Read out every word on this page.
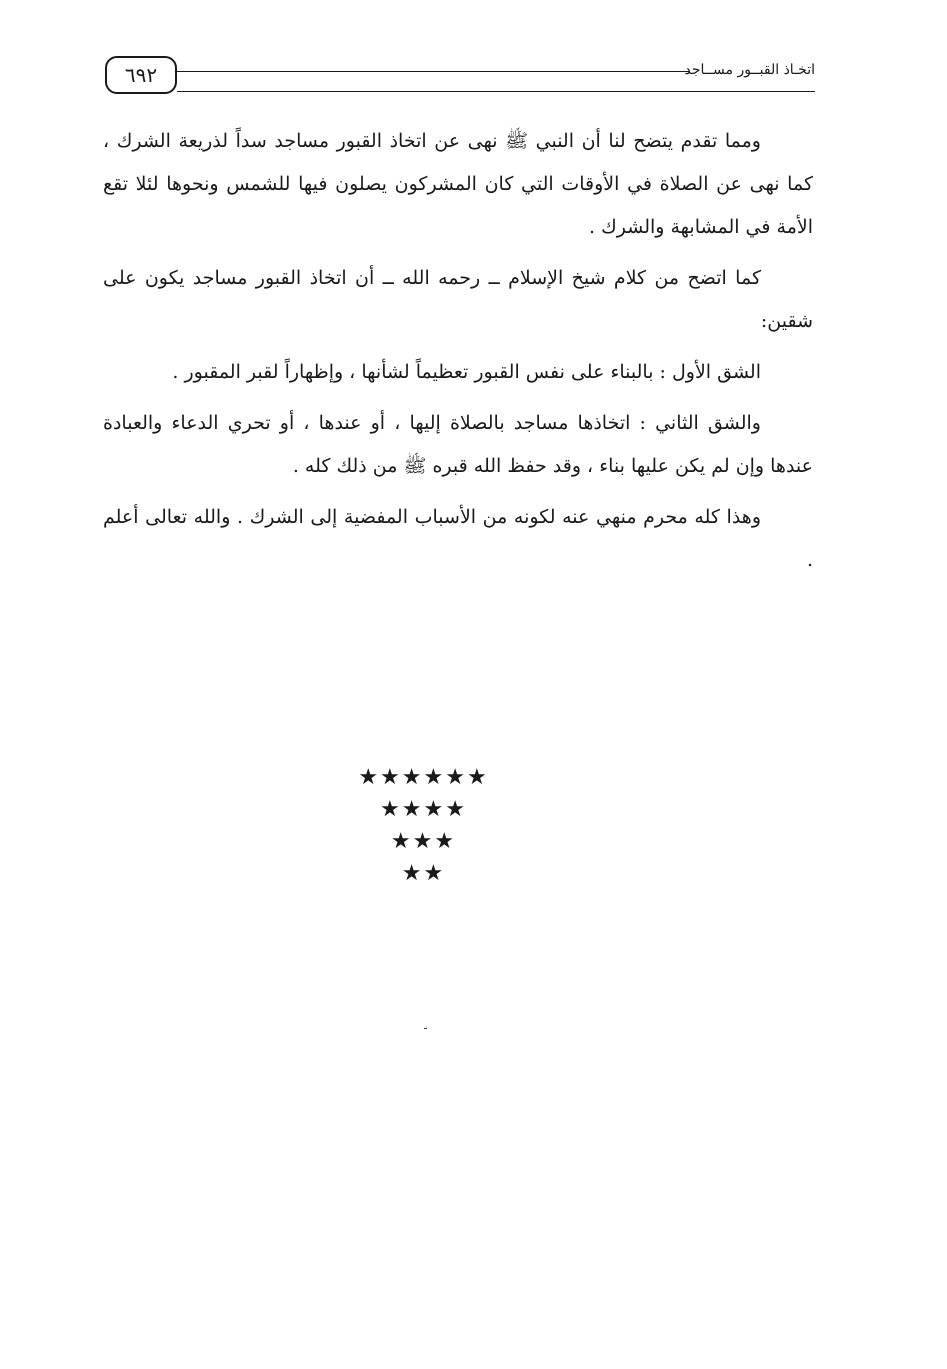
٦٩٢	اتخـاذ القبــور مســاجد

ومما تقدم يتضح لنا أن النبي ﷺ نهى عن اتخاذ القبور مساجد سداً لذريعة الشرك ، كما نهى عن الصلاة في الأوقات التي كان المشركون يصلون فيها للشمس ونحوها لئلا تقع الأمة في المشابهة والشرك .

كما اتضح من كلام شيخ الإسلام ــ رحمه الله ــ أن اتخاذ القبور مساجد يكون على شقين:

الشق الأول : بالبناء على نفس القبور تعظيماً لشأنها ، وإظهاراً لقبر المقبور .

والشق الثاني : اتخاذها مساجد بالصلاة إليها ، أو عندها ، أو تحري الدعاء والعبادة عندها وإن لم يكن عليها بناء ، وقد حفظ الله قبره ﷺ من ذلك كله .

وهذا كله محرم منهي عنه لكونه من الأسباب المفضية إلى الشرك . والله تعالى أعلم .

★★★★★★
★★★★
★★★
★★
